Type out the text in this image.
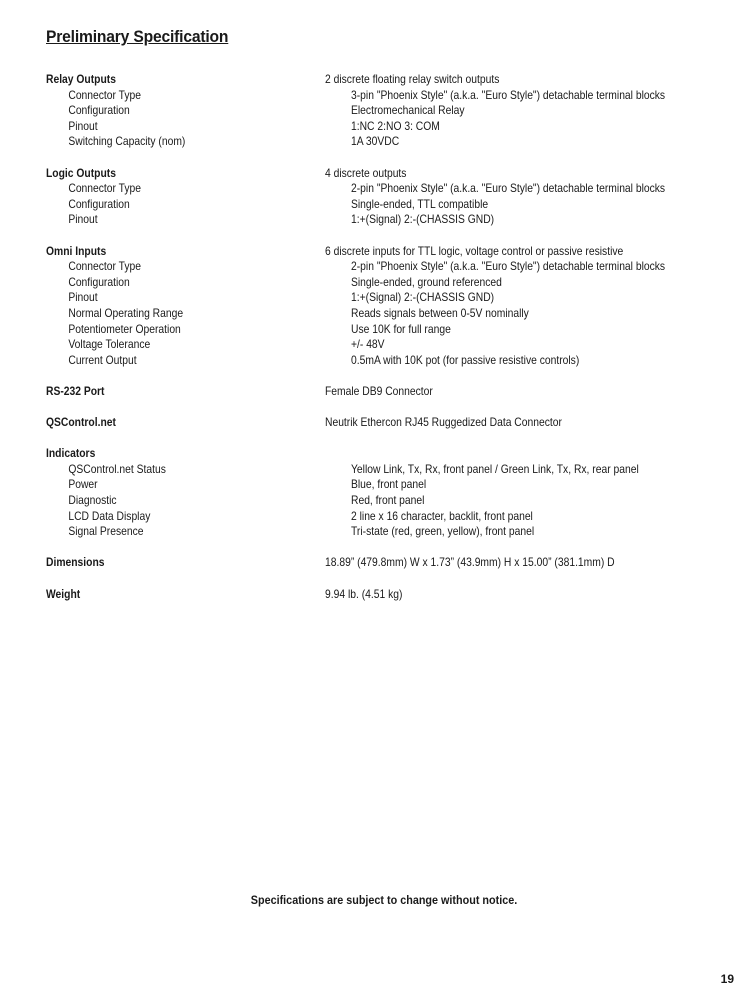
Preliminary Specification
Relay Outputs	2 discrete floating relay switch outputs
Connector Type	3-pin "Phoenix Style" (a.k.a. "Euro Style") detachable terminal blocks
Configuration	Electromechanical Relay
Pinout	1:NC 2:NO 3: COM
Switching Capacity (nom)	1A 30VDC
Logic Outputs	4 discrete outputs
Connector Type	2-pin "Phoenix Style" (a.k.a. "Euro Style") detachable terminal blocks
Configuration	Single-ended, TTL compatible
Pinout	1:+(Signal) 2:-(CHASSIS GND)
Omni Inputs	6 discrete inputs for TTL logic, voltage control or passive resistive
Connector Type	2-pin "Phoenix Style" (a.k.a. "Euro Style") detachable terminal blocks
Configuration	Single-ended, ground referenced
Pinout	1:+(Signal) 2:-(CHASSIS GND)
Normal Operating Range	Reads signals between 0-5V nominally
Potentiometer Operation	Use 10K for full range
Voltage Tolerance	+/- 48V
Current Output	0.5mA with 10K pot (for passive resistive controls)
RS-232 Port	Female DB9 Connector
QSControl.net	Neutrik Ethercon RJ45 Ruggedized Data Connector
Indicators
QSControl.net Status	Yellow Link, Tx, Rx, front panel / Green Link, Tx, Rx, rear panel
Power	Blue, front panel
Diagnostic	Red, front panel
LCD Data Display	2 line x 16 character, backlit, front panel
Signal Presence	Tri-state (red, green, yellow), front panel
Dimensions	18.89” (479.8mm) W x 1.73” (43.9mm) H x 15.00” (381.1mm) D
Weight	9.94 lb. (4.51 kg)
Specifications are subject to change without notice.
19
